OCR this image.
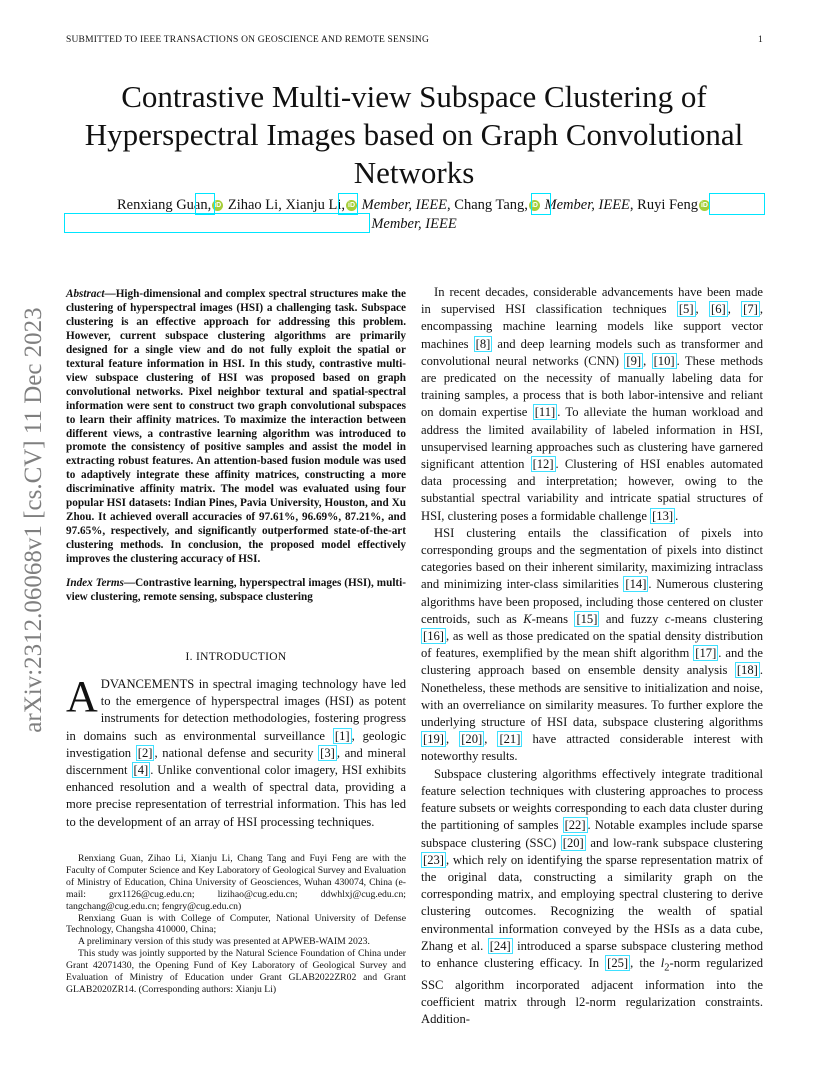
SUBMITTED TO IEEE TRANSACTIONS ON GEOSCIENCE AND REMOTE SENSING	1
Contrastive Multi-view Subspace Clustering of Hyperspectral Images based on Graph Convolutional Networks
Renxiang Guan, iD Zihao Li, Xianju Li, iD Member, IEEE, Chang Tang, iD Member, IEEE, Ruyi Feng iD
Member, IEEE
arXiv:2312.06068v1 [cs.CV] 11 Dec 2023
Abstract—High-dimensional and complex spectral structures make the clustering of hyperspectral images (HSI) a challenging task. Subspace clustering is an effective approach for addressing this problem. However, current subspace clustering algorithms are primarily designed for a single view and do not fully exploit the spatial or textural feature information in HSI. In this study, contrastive multi-view subspace clustering of HSI was proposed based on graph convolutional networks. Pixel neighbor textural and spatial-spectral information were sent to construct two graph convolutional subspaces to learn their affinity matrices. To maximize the interaction between different views, a contrastive learning algorithm was introduced to promote the consistency of positive samples and assist the model in extracting robust features. An attention-based fusion module was used to adaptively integrate these affinity matrices, constructing a more discriminative affinity matrix. The model was evaluated using four popular HSI datasets: Indian Pines, Pavia University, Houston, and Xu Zhou. It achieved overall accuracies of 97.61%, 96.69%, 87.21%, and 97.65%, respectively, and significantly outperformed state-of-the-art clustering methods. In conclusion, the proposed model effectively improves the clustering accuracy of HSI.
Index Terms—Contrastive learning, hyperspectral images (HSI), multi-view clustering, remote sensing, subspace clustering
I. INTRODUCTION
ADVANCEMENTS in spectral imaging technology have led to the emergence of hyperspectral images (HSI) as potent instruments for detection methodologies, fostering progress in domains such as environmental surveillance [1] , geologic investigation [2] , national defense and security [3] , and mineral discernment [4] . Unlike conventional color imagery, HSI exhibits enhanced resolution and a wealth of spectral data, providing a more precise representation of terrestrial information. This has led to the development of an array of HSI processing techniques.

Renxiang Guan, Zihao Li, Xianju Li, Chang Tang and Fuyi Feng are with the Faculty of Computer Science and Key Laboratory of Geological Survey and Evaluation of Ministry of Education, China University of Geosciences, Wuhan 430074, China (e-mail: grx1126@cug.edu.cn; lizihao@cug.edu.cn; ddwhlxj@cug.edu.cn; tangchang@cug.edu.cn; fengry@cug.edu.cn)

Renxiang Guan is with College of Computer, National University of Defense Technology, Changsha 410000, China;

A preliminary version of this study was presented at APWEB-WAIM 2023.

This study was jointly supported by the Natural Science Foundation of China under Grant 42071430, the Opening Fund of Key Laboratory of Geological Survey and Evaluation of Ministry of Education under Grant GLAB2022ZR02 and Grant GLAB2020ZR14. (Corresponding authors: Xianju Li)

In recent decades, considerable advancements have been made in supervised HSI classification techniques [5] , [6] , [7] , encompassing machine learning models like support vector machines [8] and deep learning models such as transformer and convolutional neural networks (CNN) [9] , [10] . These methods are predicated on the necessity of manually labeling data for training samples, a process that is both labor-intensive and reliant on domain expertise [11] . To alleviate the human workload and address the limited availability of labeled information in HSI, unsupervised learning approaches such as clustering have garnered significant attention [12] . Clustering of HSI enables automated data processing and interpretation; however, owing to the substantial spectral variability and intricate spatial structures of HSI, clustering poses a formidable challenge [13] .

HSI clustering entails the classification of pixels into corresponding groups and the segmentation of pixels into distinct categories based on their inherent similarity, maximizing intraclass and minimizing inter-class similarities [14] . Numerous clustering algorithms have been proposed, including those centered on cluster centroids, such as K-means [15] and fuzzy c-means clustering [16] , as well as those predicated on the spatial density distribution of features, exemplified by the mean shift algorithm [17] . and the clustering approach based on ensemble density analysis [18] . Nonetheless, these methods are sensitive to initialization and noise, with an overreliance on similarity measures. To further explore the underlying structure of HSI data, subspace clustering algorithms [19] , [20] , [21] have attracted considerable interest with noteworthy results.

Subspace clustering algorithms effectively integrate traditional feature selection techniques with clustering approaches to process feature subsets or weights corresponding to each data cluster during the partitioning of samples [22] . Notable examples include sparse subspace clustering (SSC) [20] and low-rank subspace clustering [23] , which rely on identifying the sparse representation matrix of the original data, constructing a similarity graph on the corresponding matrix, and employing spectral clustering to derive clustering outcomes. Recognizing the wealth of spatial environmental information conveyed by the HSIs as a data cube, Zhang et al. [24] introduced a sparse subspace clustering method to enhance clustering efficacy. In [25] , the $l_2$-norm regularized SSC algorithm incorporated adjacent information into the coefficient matrix through l2-norm regularization constraints. Addition-
